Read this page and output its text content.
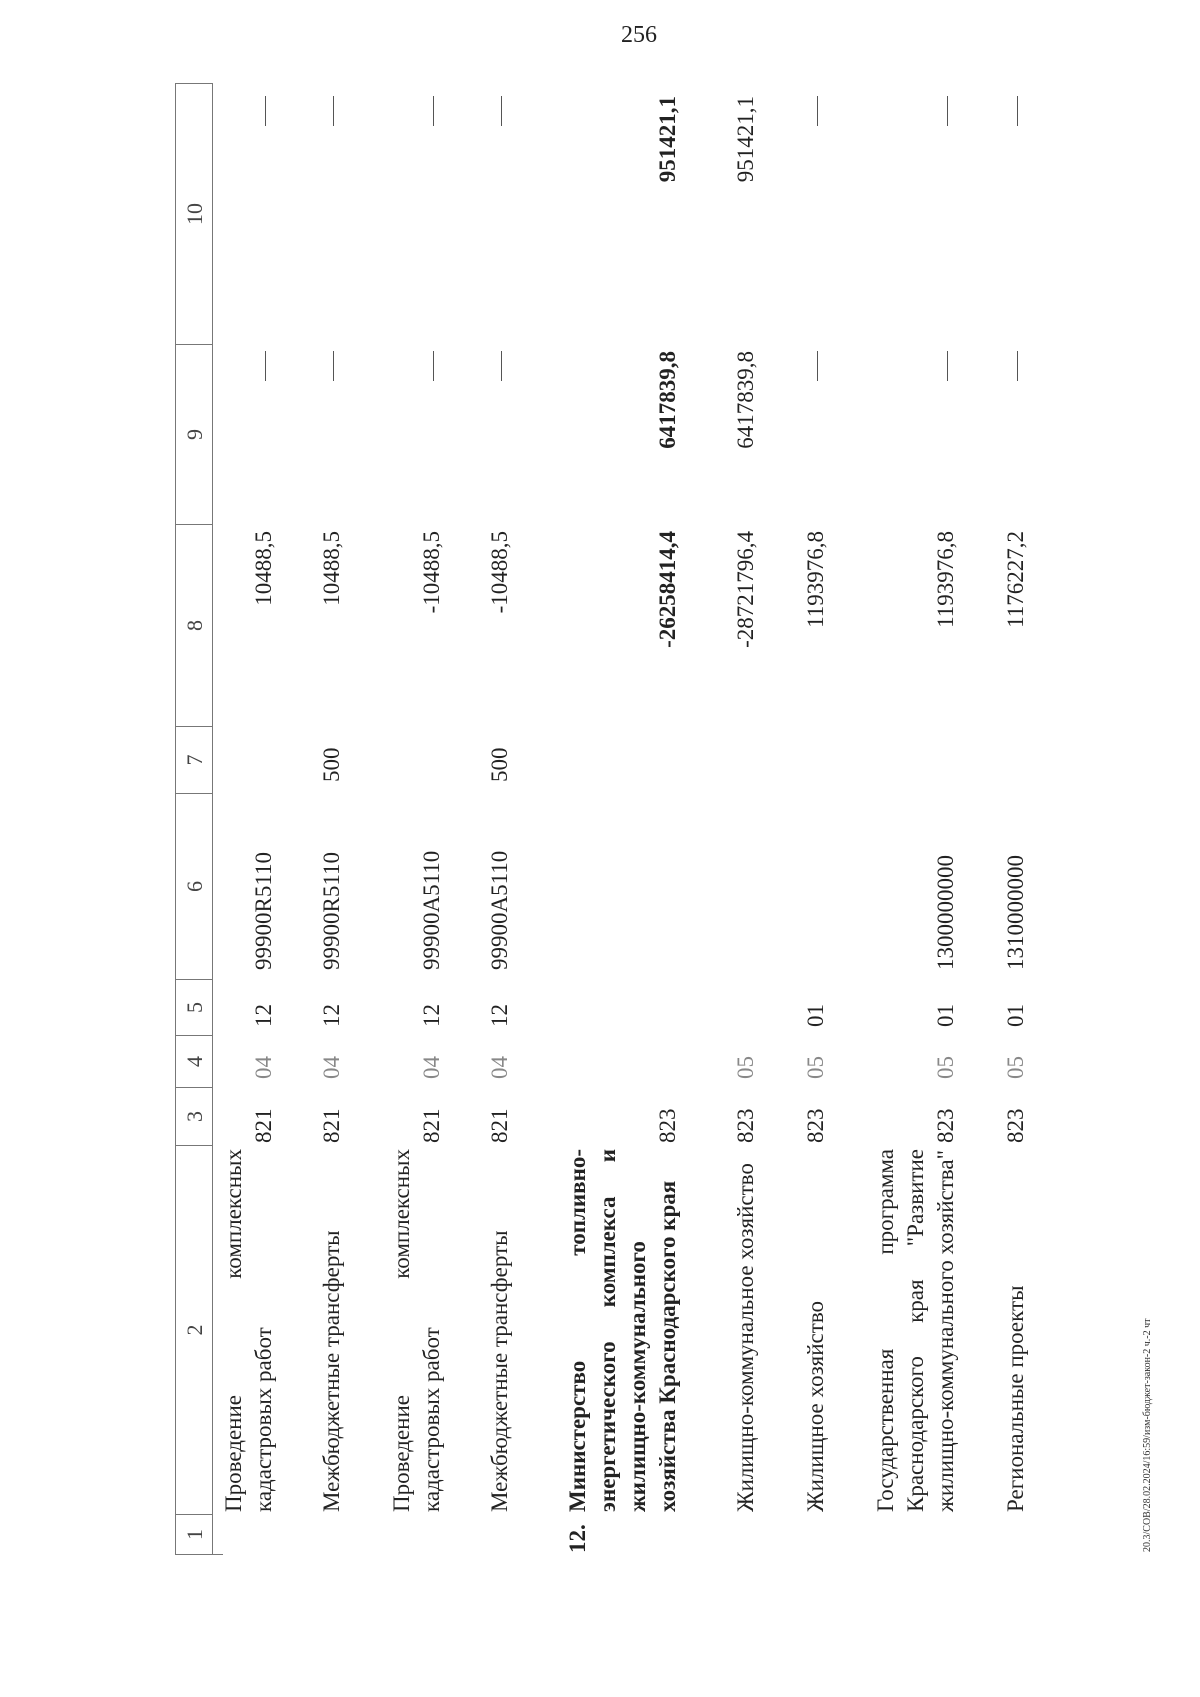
256
20.3/СОВ/28.02.2024/16:59/изм-бюджет-закон-2 ч.-2 чт
1
2
3
4
5
6
7
8
9
10
Проведение комплексных кадастровых работ
821
04
12
99900R5110
10488,5
Межбюджетные трансферты
821
04
12
99900R5110
500
10488,5
Проведение комплексных кадастровых работ
821
04
12
99900A5110
-10488,5
Межбюджетные трансферты
821
04
12
99900A5110
500
-10488,5
12.
Министерство топливно-энергетического комплекса и жилищно-коммунального хозяйства Краснодарского края
823
-26258414,4
6417839,8
951421,1
Жилищно-коммунальное хозяйство
823
05
-28721796,4
6417839,8
951421,1
Жилищное хозяйство
823
05
01
1193976,8
Государственная программа Краснодарского края "Развитие жилищно-коммунального хозяйства"
823
05
01
1300000000
1193976,8
Региональные проекты
823
05
01
1310000000
1176227,2
